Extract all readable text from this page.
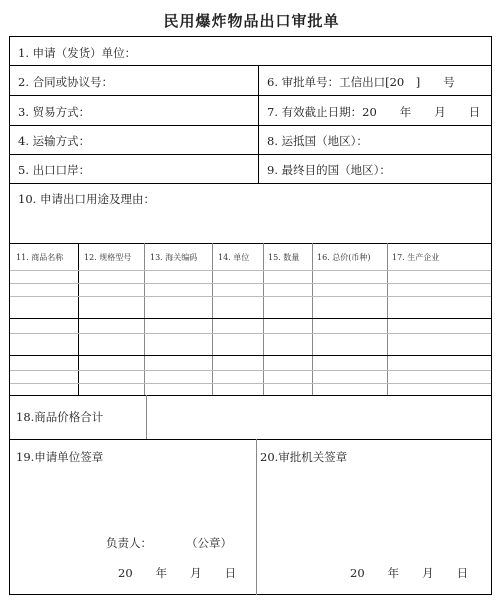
民用爆炸物品出口审批单
1. 申请（发货）单位：
2. 合同或协议号：	6. 审批单号：工信出口[20　]　　号
3. 贸易方式：	7. 有效截止日期：20　　年　　月　　日
4. 运输方式：	8. 运抵国（地区）：
5. 出口口岸：	9. 最终目的国（地区）：
10. 申请出口用途及理由：
11. 商品名称	12. 规格型号 13. 海关编码	14. 单位 15. 数量 16. 总价(币种)	17. 生产企业
18.商品价格合计
19.申请单位签章
负责人：	（公章）
20　　年　　月　　日
20.审批机关签章
20　　年　　月　　日
